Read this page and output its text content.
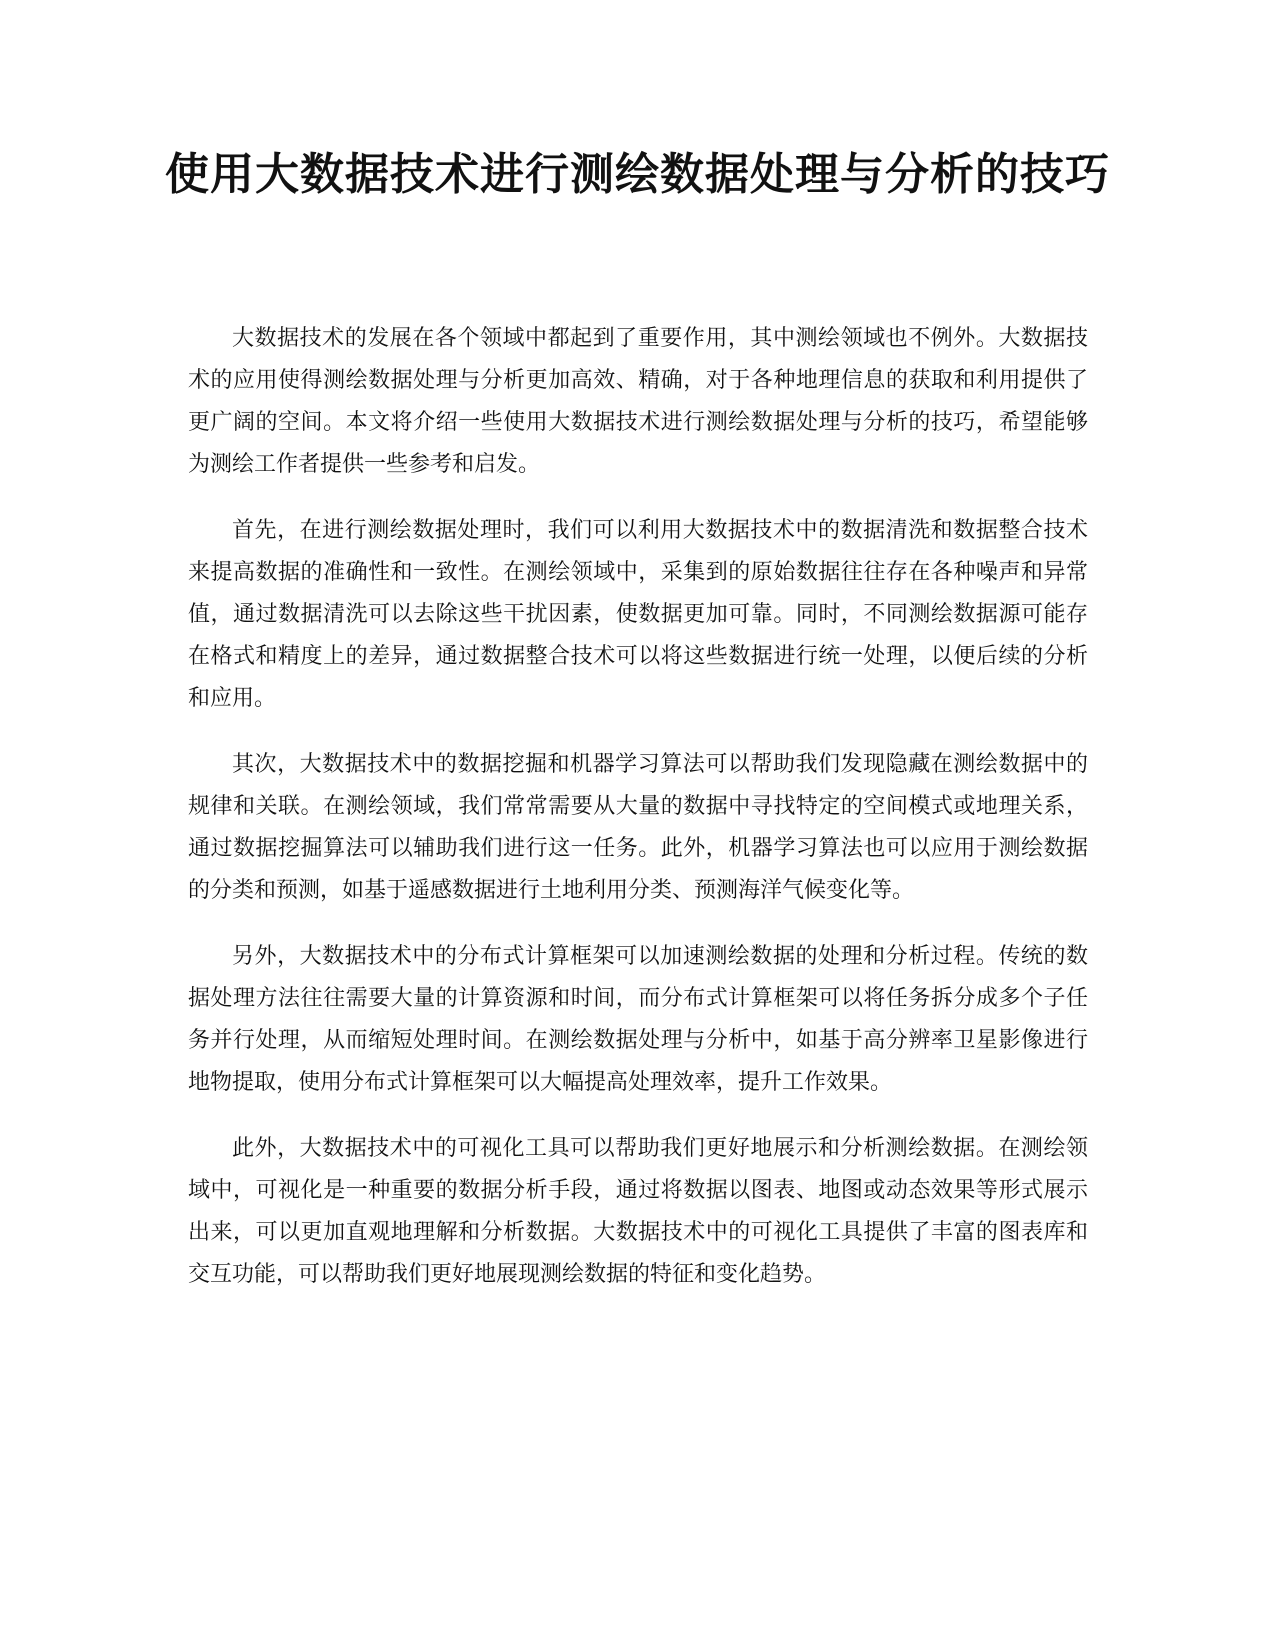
使用大数据技术进行测绘数据处理与分析的技巧

大数据技术的发展在各个领域中都起到了重要作用，其中测绘领域也不例外。大数据技术的应用使得测绘数据处理与分析更加高效、精确，对于各种地理信息的获取和利用提供了更广阔的空间。本文将介绍一些使用大数据技术进行测绘数据处理与分析的技巧，希望能够为测绘工作者提供一些参考和启发。

首先，在进行测绘数据处理时，我们可以利用大数据技术中的数据清洗和数据整合技术来提高数据的准确性和一致性。在测绘领域中，采集到的原始数据往往存在各种噪声和异常值，通过数据清洗可以去除这些干扰因素，使数据更加可靠。同时，不同测绘数据源可能存在格式和精度上的差异，通过数据整合技术可以将这些数据进行统一处理，以便后续的分析和应用。

其次，大数据技术中的数据挖掘和机器学习算法可以帮助我们发现隐藏在测绘数据中的规律和关联。在测绘领域，我们常常需要从大量的数据中寻找特定的空间模式或地理关系，通过数据挖掘算法可以辅助我们进行这一任务。此外，机器学习算法也可以应用于测绘数据的分类和预测，如基于遥感数据进行土地利用分类、预测海洋气候变化等。

另外，大数据技术中的分布式计算框架可以加速测绘数据的处理和分析过程。传统的数据处理方法往往需要大量的计算资源和时间，而分布式计算框架可以将任务拆分成多个子任务并行处理，从而缩短处理时间。在测绘数据处理与分析中，如基于高分辨率卫星影像进行地物提取，使用分布式计算框架可以大幅提高处理效率，提升工作效果。

此外，大数据技术中的可视化工具可以帮助我们更好地展示和分析测绘数据。在测绘领域中，可视化是一种重要的数据分析手段，通过将数据以图表、地图或动态效果等形式展示出来，可以更加直观地理解和分析数据。大数据技术中的可视化工具提供了丰富的图表库和交互功能，可以帮助我们更好地展现测绘数据的特征和变化趋势。
